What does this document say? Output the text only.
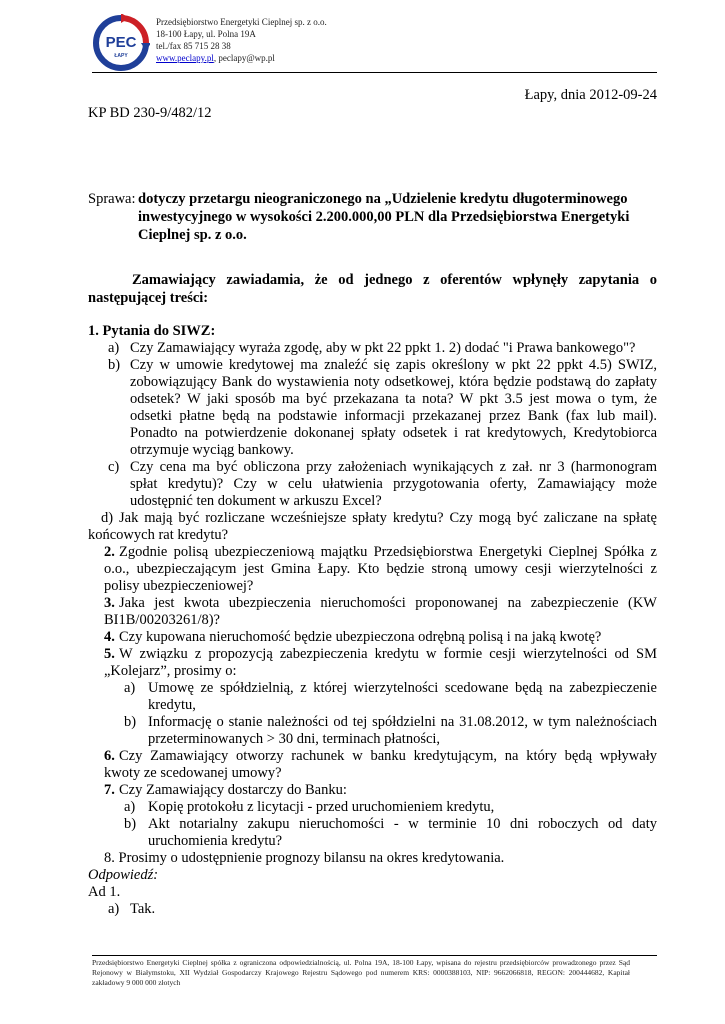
PEC
ŁAPY
Przedsiębiorstwo Energetyki Cieplnej sp. z o.o.
18-100 Łapy, ul. Polna 19A
tel./fax 85 715 28 38
www.peclapy.pl, peclapy@wp.pl
Łapy, dnia 2012-09-24
KP BD 230-9/482/12
Sprawa: dotyczy przetargu nieograniczonego na „Udzielenie kredytu długoterminowego
inwestycyjnego w wysokości 2.200.000,00 PLN dla Przedsiębiorstwa Energetyki
Cieplnej sp. z o.o.
Zamawiający zawiadamia, że od jednego z oferentów wpłynęły zapytania o
następującej treści:
1. Pytania do SIWZ:
a) Czy Zamawiający wyraża zgodę, aby w pkt 22 ppkt 1. 2) dodać "i Prawa bankowego"?
b) Czy w umowie kredytowej ma znaleźć się zapis określony w pkt 22 ppkt 4.5) SWIZ,
zobowiązujący Bank do wystawienia noty odsetkowej, która będzie podstawą do zapłaty
odsetek? W jaki sposób ma być przekazana ta nota? W pkt 3.5 jest mowa o tym, że
odsetki płatne będą na podstawie informacji przekazanej przez Bank (fax lub mail).
Ponadto na potwierdzenie dokonanej spłaty odsetek i rat kredytowych, Kredytobiorca
otrzymuje wyciąg bankowy.
c) Czy cena ma być obliczona przy założeniach wynikających z zał. nr 3 (harmonogram
spłat kredytu)? Czy w celu ułatwienia przygotowania oferty, Zamawiający może
udostępnić ten dokument w arkuszu Excel?
d) Jak mają być rozliczane wcześniejsze spłaty kredytu? Czy mogą być zaliczane na spłatę
końcowych rat kredytu?
2. Zgodnie polisą ubezpieczeniową majątku Przedsiębiorstwa Energetyki Cieplnej Spółka z
o.o., ubezpieczającym jest Gmina Łapy. Kto będzie stroną umowy cesji wierzytelności z
polisy ubezpieczeniowej?
3. Jaka jest kwota ubezpieczenia nieruchomości proponowanej na zabezpieczenie (KW
BI1B/00203261/8)?
4. Czy kupowana nieruchomość będzie ubezpieczona odrębną polisą i na jaką kwotę?
5. W związku z propozycją zabezpieczenia kredytu w formie cesji wierzytelności od SM
„Kolejarz”, prosimy o:
a) Umowę ze spółdzielnią, z której wierzytelności scedowane będą na zabezpieczenie
kredytu,
b) Informację o stanie należności od tej spółdzielni na 31.08.2012, w tym należnościach
przeterminowanych > 30 dni, terminach płatności,
6. Czy Zamawiający otworzy rachunek w banku kredytującym, na który będą wpływały
kwoty ze scedowanej umowy?
7. Czy Zamawiający dostarczy do Banku:
a) Kopię protokołu z licytacji - przed uruchomieniem kredytu,
b) Akt notarialny zakupu nieruchomości - w terminie 10 dni roboczych od daty
uruchomienia kredytu?
8. Prosimy o udostępnienie prognozy bilansu na okres kredytowania.
Odpowiedź:
Ad 1.
a) Tak.
Przedsiębiorstwo Energetyki Cieplnej spółka z ograniczona odpowiedzialnością, ul. Polna 19A, 18-100 Łapy, wpisana do rejestru przedsiębiorców prowadzonego przez Sąd Rejonowy w Białymstoku, XII Wydział Gospodarczy Krajowego Rejestru Sądowego pod numerem KRS: 0000388103, NIP: 9662066818, REGON: 200444682, Kapitał zakładowy 9 000 000 złotych
